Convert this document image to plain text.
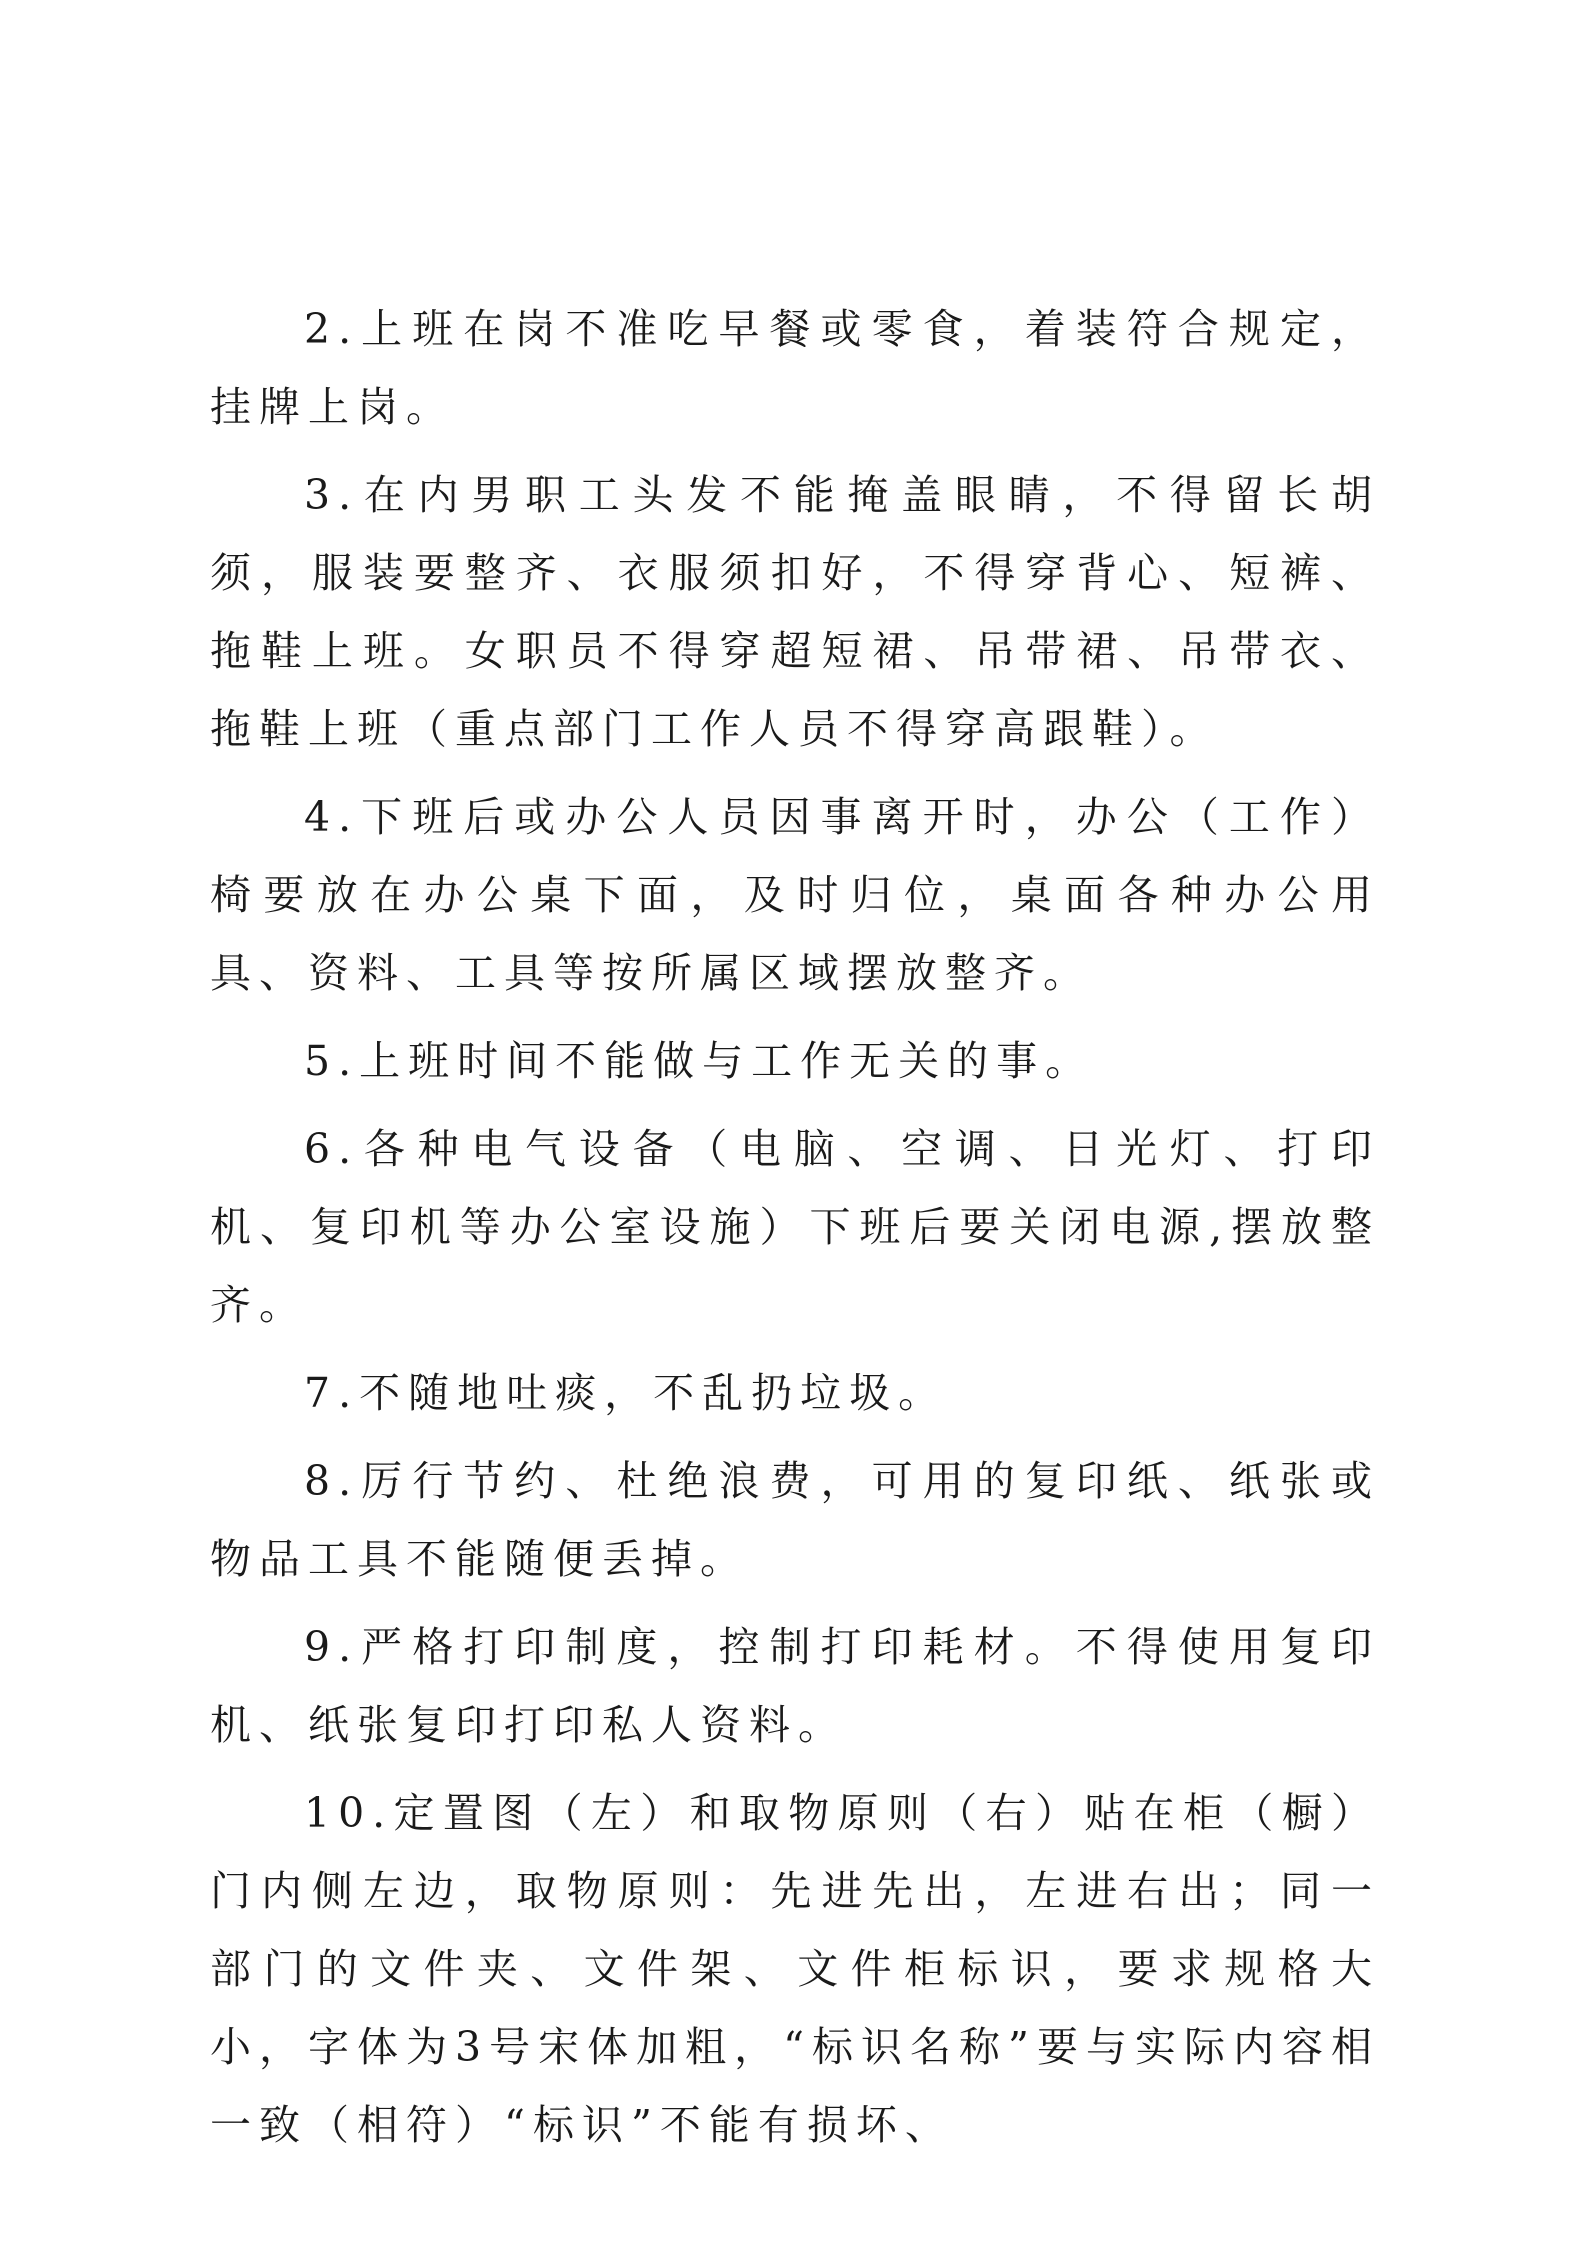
2.上班在岗不准吃早餐或零食，着装符合规定，挂牌上岗。

3.在内男职工头发不能掩盖眼睛，不得留长胡须，服装要整齐、衣服须扣好，不得穿背心、短裤、拖鞋上班。女职员不得穿超短裙、吊带裙、吊带衣、拖鞋上班（重点部门工作人员不得穿高跟鞋）。

4.下班后或办公人员因事离开时，办公（工作）椅要放在办公桌下面，及时归位，桌面各种办公用具、资料、工具等按所属区域摆放整齐。

5.上班时间不能做与工作无关的事。

6.各种电气设备（电脑、空调、日光灯、打印机、复印机等办公室设施）下班后要关闭电源,摆放整齐。

7.不随地吐痰，不乱扔垃圾。

8.厉行节约、杜绝浪费，可用的复印纸、纸张或物品工具不能随便丢掉。

9.严格打印制度，控制打印耗材。不得使用复印机、纸张复印打印私人资料。

10.定置图（左）和取物原则（右）贴在柜（橱）门内侧左边，取物原则：先进先出，左进右出；同一部门的文件夹、文件架、文件柜标识，要求规格大小，字体为3号宋体加粗，“标识名称”要与实际内容相一致（相符）“标识”不能有损坏、
